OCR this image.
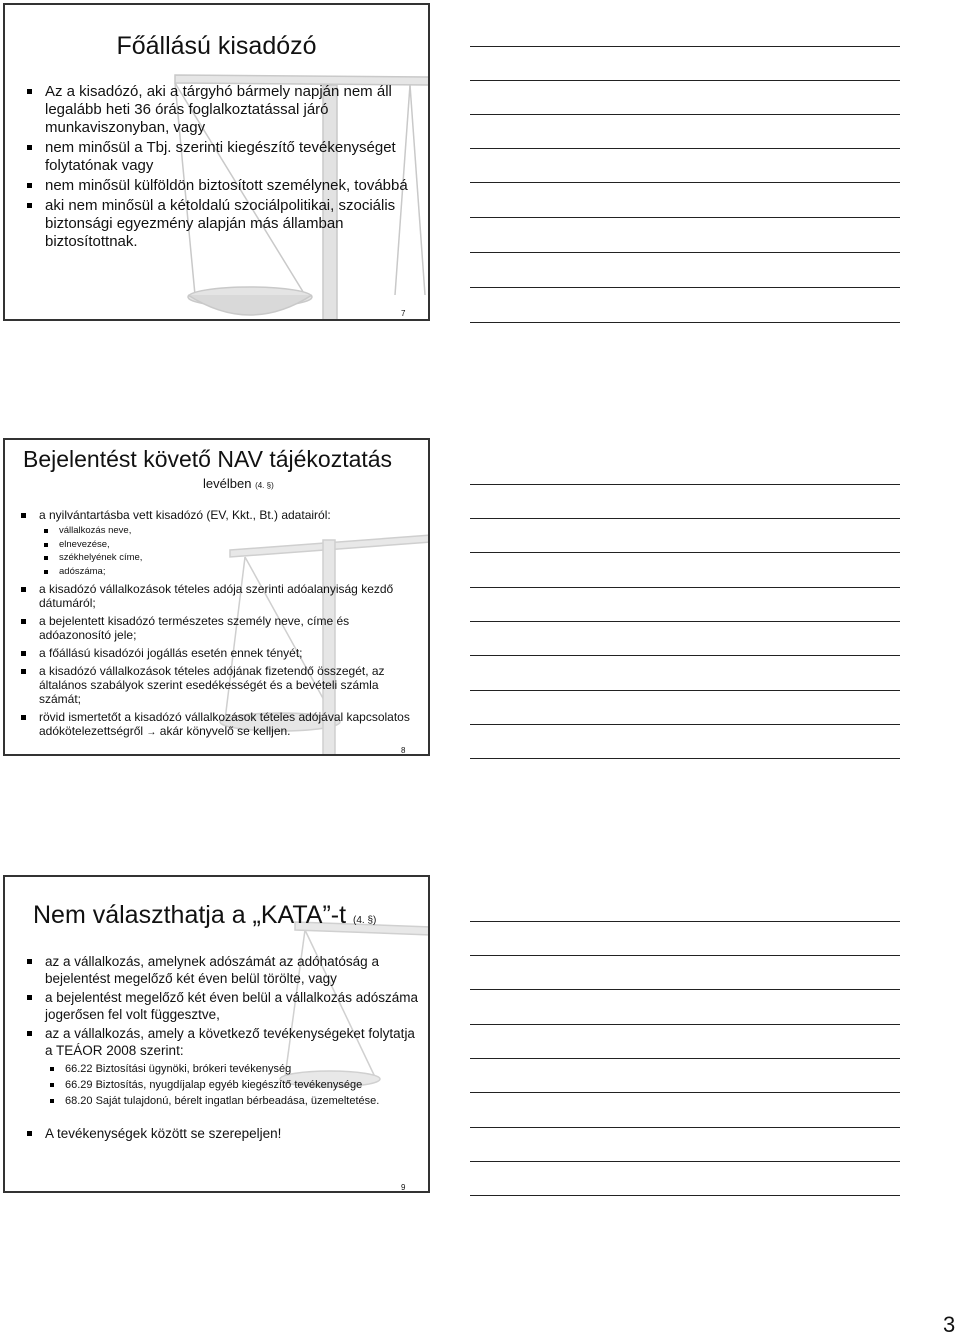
Főállású kisadózó
Az a kisadózó, aki a tárgyhó bármely napján nem áll legalább heti 36 órás foglalkoztatással járó munkaviszonyban, vagy
nem minősül a Tbj. szerinti kiegészítő tevékenységet folytatónak vagy
nem minősül külföldön biztosított személynek, továbbá
aki nem minősül a kétoldalú szociálpolitikai, szociális biztonsági egyezmény alapján más államban biztosítottnak.
7
Bejelentést követő NAV tájékoztatás
levélben (4. §)
a nyilvántartásba vett kisadózó (EV, Kkt., Bt.) adatairól:
vállalkozás neve,
elnevezése,
székhelyének címe,
adószáma;
a kisadózó vállalkozások tételes adója szerinti adóalanyiság kezdő dátumáról;
a bejelentett kisadózó természetes személy neve, címe és adóazonosító jele;
a főállású kisadózói jogállás esetén ennek tényét;
a kisadózó vállalkozások tételes adójának fizetendő összegét, az általános szabályok szerint esedékességét és a bevételi számla számát;
rövid ismertetőt a kisadózó vállalkozások tételes adójával kapcsolatos adókötelezettségről → akár könyvelő se kelljen.
8
Nem választhatja a „KATA”-t (4. §)
az a vállalkozás, amelynek adószámát az adóhatóság a bejelentést megelőző két éven belül törölte, vagy
a bejelentést megelőző két éven belül a vállalkozás adószáma jogerősen fel volt függesztve,
az a vállalkozás, amely a következő tevékenységeket folytatja a TEÁOR 2008 szerint:
66.22 Biztosítási ügynöki, brókeri tevékenység
66.29 Biztosítás, nyugdíjalap egyéb kiegészítő tevékenysége
68.20 Saját tulajdonú, bérelt ingatlan bérbeadása, üzemeltetése.
A tevékenységek között se szerepeljen!
9
3
